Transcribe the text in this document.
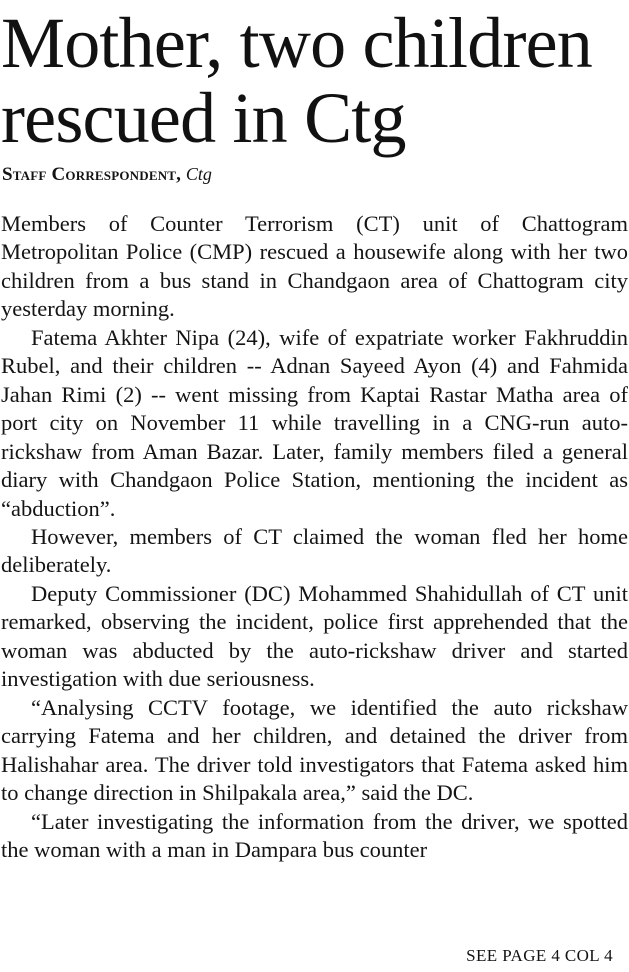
Mother, two children
rescued in Ctg
Staff Correspondent, Ctg

Members of Counter Terrorism (CT) unit of Chattogram Metropolitan Police (CMP) rescued a housewife along with her two children from a bus stand in Chandgaon area of Chattogram city yesterday morning.

Fatema Akhter Nipa (24), wife of expatriate worker Fakhruddin Rubel, and their children -- Adnan Sayeed Ayon (4) and Fahmida Jahan Rimi (2) -- went missing from Kaptai Rastar Matha area of port city on November 11 while travelling in a CNG-run auto-rickshaw from Aman Bazar. Later, family members filed a general diary with Chandgaon Police Station, mentioning the incident as “abduction”.

However, members of CT claimed the woman fled her home deliberately.

Deputy Commissioner (DC) Mohammed Shahidullah of CT unit remarked, observing the incident, police first apprehended that the woman was abducted by the auto-rickshaw driver and started investigation with due seriousness.

“Analysing CCTV footage, we identified the auto rickshaw carrying Fatema and her children, and detained the driver from Halishahar area. The driver told investigators that Fatema asked him to change direction in Shilpakala area,” said the DC.

“Later investigating the information from the driver, we spotted the woman with a man in Dampara bus counter

SEE PAGE 4 COL 4
